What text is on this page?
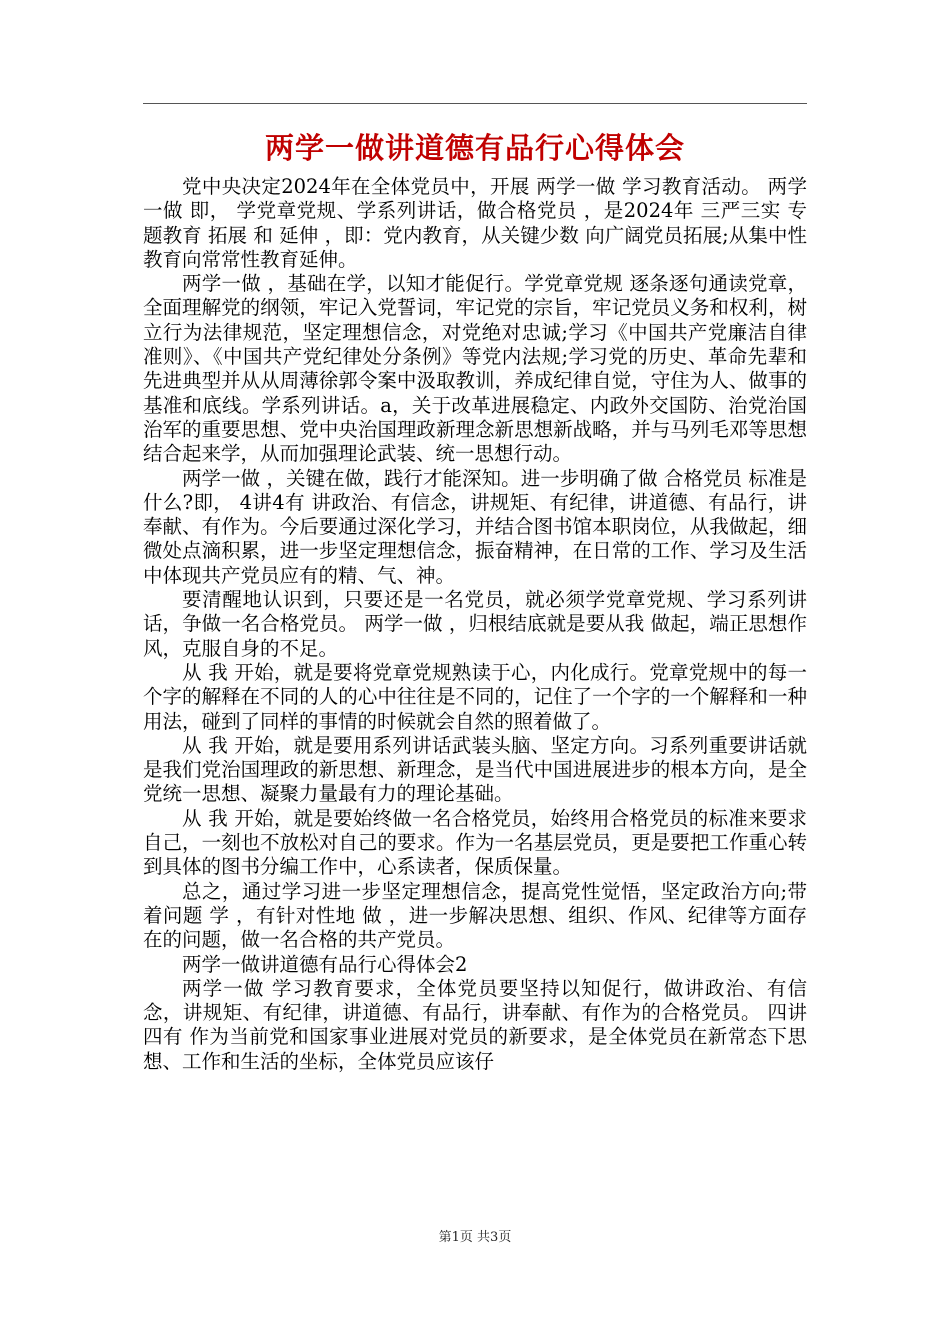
两学一做讲道德有品行心得体会

党中央决定2024年在全体党员中，开展 两学一做 学习教育活动。 两学一做 即， 学党章党规、学系列讲话，做合格党员 ，是2024年 三严三实 专题教育 拓展 和 延伸 ，即：党内教育，从关键少数 向广阔党员拓展;从集中性教育向常常性教育延伸。

两学一做 ，基础在学，以知才能促行。学党章党规 逐条逐句通读党章，全面理解党的纲领，牢记入党誓词，牢记党的宗旨，牢记党员义务和权利，树立行为法律规范，坚定理想信念，对党绝对忠诚;学习《中国共产党廉洁自律准则》、《中国共产党纪律处分条例》等党内法规;学习党的历史、革命先辈和先进典型并从从周薄徐郭令案中汲取教训，养成纪律自觉，守住为人、做事的基准和底线。学系列讲话。a，关于改革进展稳定、内政外交国防、治党治国治军的重要思想、党中央治国理政新理念新思想新战略，并与马列毛邓等思想结合起来学，从而加强理论武装、统一思想行动。

两学一做 ，关键在做，践行才能深知。进一步明确了做 合格党员 标准是什么?即， 4讲4有 讲政治、有信念，讲规矩、有纪律，讲道德、有品行，讲奉献、有作为。今后要通过深化学习，并结合图书馆本职岗位，从我做起，细微处点滴积累，进一步坚定理想信念，振奋精神，在日常的工作、学习及生活中体现共产党员应有的精、气、神。

要清醒地认识到，只要还是一名党员，就必须学党章党规、学习系列讲话，争做一名合格党员。 两学一做 ，归根结底就是要从我 做起，端正思想作风，克服自身的不足。

从 我 开始，就是要将党章党规熟读于心，内化成行。党章党规中的每一个字的解释在不同的人的心中往往是不同的，记住了一个字的一个解释和一种用法，碰到了同样的事情的时候就会自然的照着做了。

从 我 开始，就是要用系列讲话武装头脑、坚定方向。习系列重要讲话就是我们党治国理政的新思想、新理念，是当代中国进展进步的根本方向，是全党统一思想、凝聚力量最有力的理论基础。

从 我 开始，就是要始终做一名合格党员，始终用合格党员的标准来要求自己，一刻也不放松对自己的要求。作为一名基层党员，更是要把工作重心转到具体的图书分编工作中，心系读者，保质保量。

总之，通过学习进一步坚定理想信念，提高党性觉悟，坚定政治方向;带着问题 学 ，有针对性地 做 ，进一步解决思想、组织、作风、纪律等方面存在的问题，做一名合格的共产党员。

两学一做讲道德有品行心得体会2

两学一做 学习教育要求，全体党员要坚持以知促行，做讲政治、有信念，讲规矩、有纪律，讲道德、有品行，讲奉献、有作为的合格党员。 四讲四有 作为当前党和国家事业进展对党员的新要求，是全体党员在新常态下思想、工作和生活的坐标，全体党员应该仔

第1页 共3页
